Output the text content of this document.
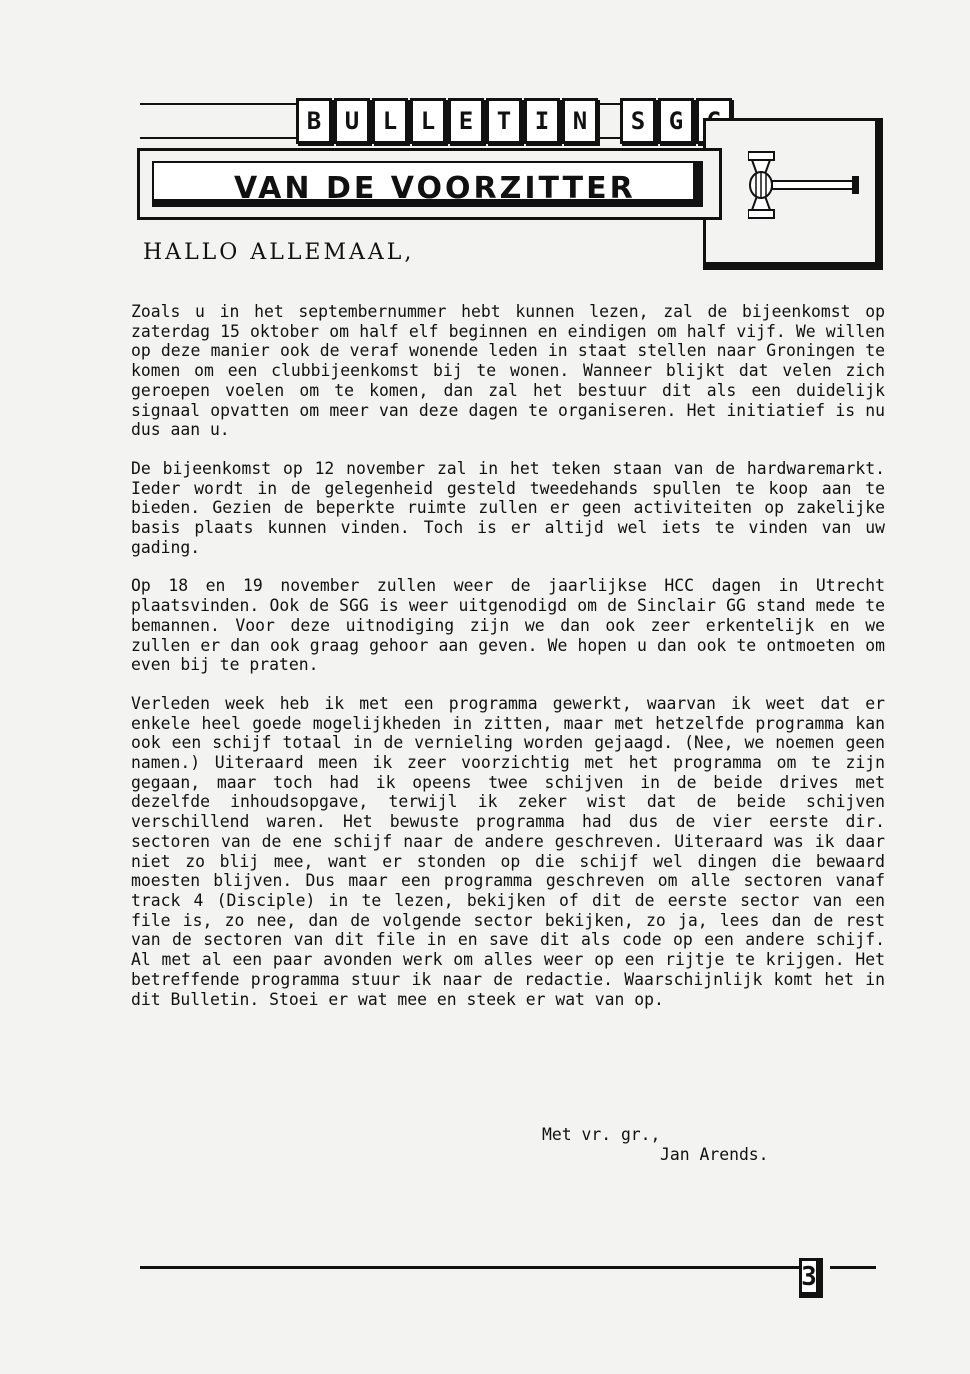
B U L L E T I N	S G
VAN DE VOORZITTER
HALLO ALLEMAAL,

Zoals u in het septembernummer hebt kunnen lezen, zal de bijeenkomst op zaterdag 15 oktober om half elf beginnen en eindigen om half vijf. We willen op deze manier ook de veraf wonende leden in staat stellen naar Groningen te komen om een clubbijeenkomst bij te wonen. Wanneer blijkt dat velen zich geroepen voelen om te komen, dan zal het bestuur dit als een duidelijk signaal opvatten om meer van deze dagen te organiseren. Het initiatief is nu dus aan u.

De bijeenkomst op 12 november zal in het teken staan van de hardwaremarkt. Ieder wordt in de gelegenheid gesteld tweedehands spullen te koop aan te bieden. Gezien de beperkte ruimte zullen er geen activiteiten op zakelijke basis plaats kunnen vinden. Toch is er altijd wel iets te vinden van uw gading.

Op 18 en 19 november zullen weer de jaarlijkse HCC dagen in Utrecht plaatsvinden. Ook de SGG is weer uitgenodigd om de Sinclair GG stand mede te bemannen. Voor deze uitnodiging zijn we dan ook zeer erkentelijk en we zullen er dan ook graag gehoor aan geven. We hopen u dan ook te ontmoeten om even bij te praten.

Verleden week heb ik met een programma gewerkt, waarvan ik weet dat er enkele heel goede mogelijkheden in zitten, maar met hetzelfde programma kan ook een schijf totaal in de vernieling worden gejaagd. (Nee, we noemen geen namen.) Uiteraard meen ik zeer voorzichtig met het programma om te zijn gegaan, maar toch had ik opeens twee schijven in de beide drives met dezelfde inhoudsopgave, terwijl ik zeker wist dat de beide schijven verschillend waren. Het bewuste programma had dus de vier eerste dir. sectoren van de ene schijf naar de andere geschreven. Uiteraard was ik daar niet zo blij mee, want er stonden op die schijf wel dingen die bewaard moesten blijven. Dus maar een programma geschreven om alle sectoren vanaf track 4 (Disciple) in te lezen, bekijken of dit de eerste sector van een file is, zo nee, dan de volgende sector bekijken, zo ja, lees dan de rest van de sectoren van dit file in en save dit als code op een andere schijf. Al met al een paar avonden werk om alles weer op een rijtje te krijgen. Het betreffende programma stuur ik naar de redactie. Waarschijnlijk komt het in dit Bulletin. Stoei er wat mee en steek er wat van op.

Met vr. gr.,
Jan Arends.
3
